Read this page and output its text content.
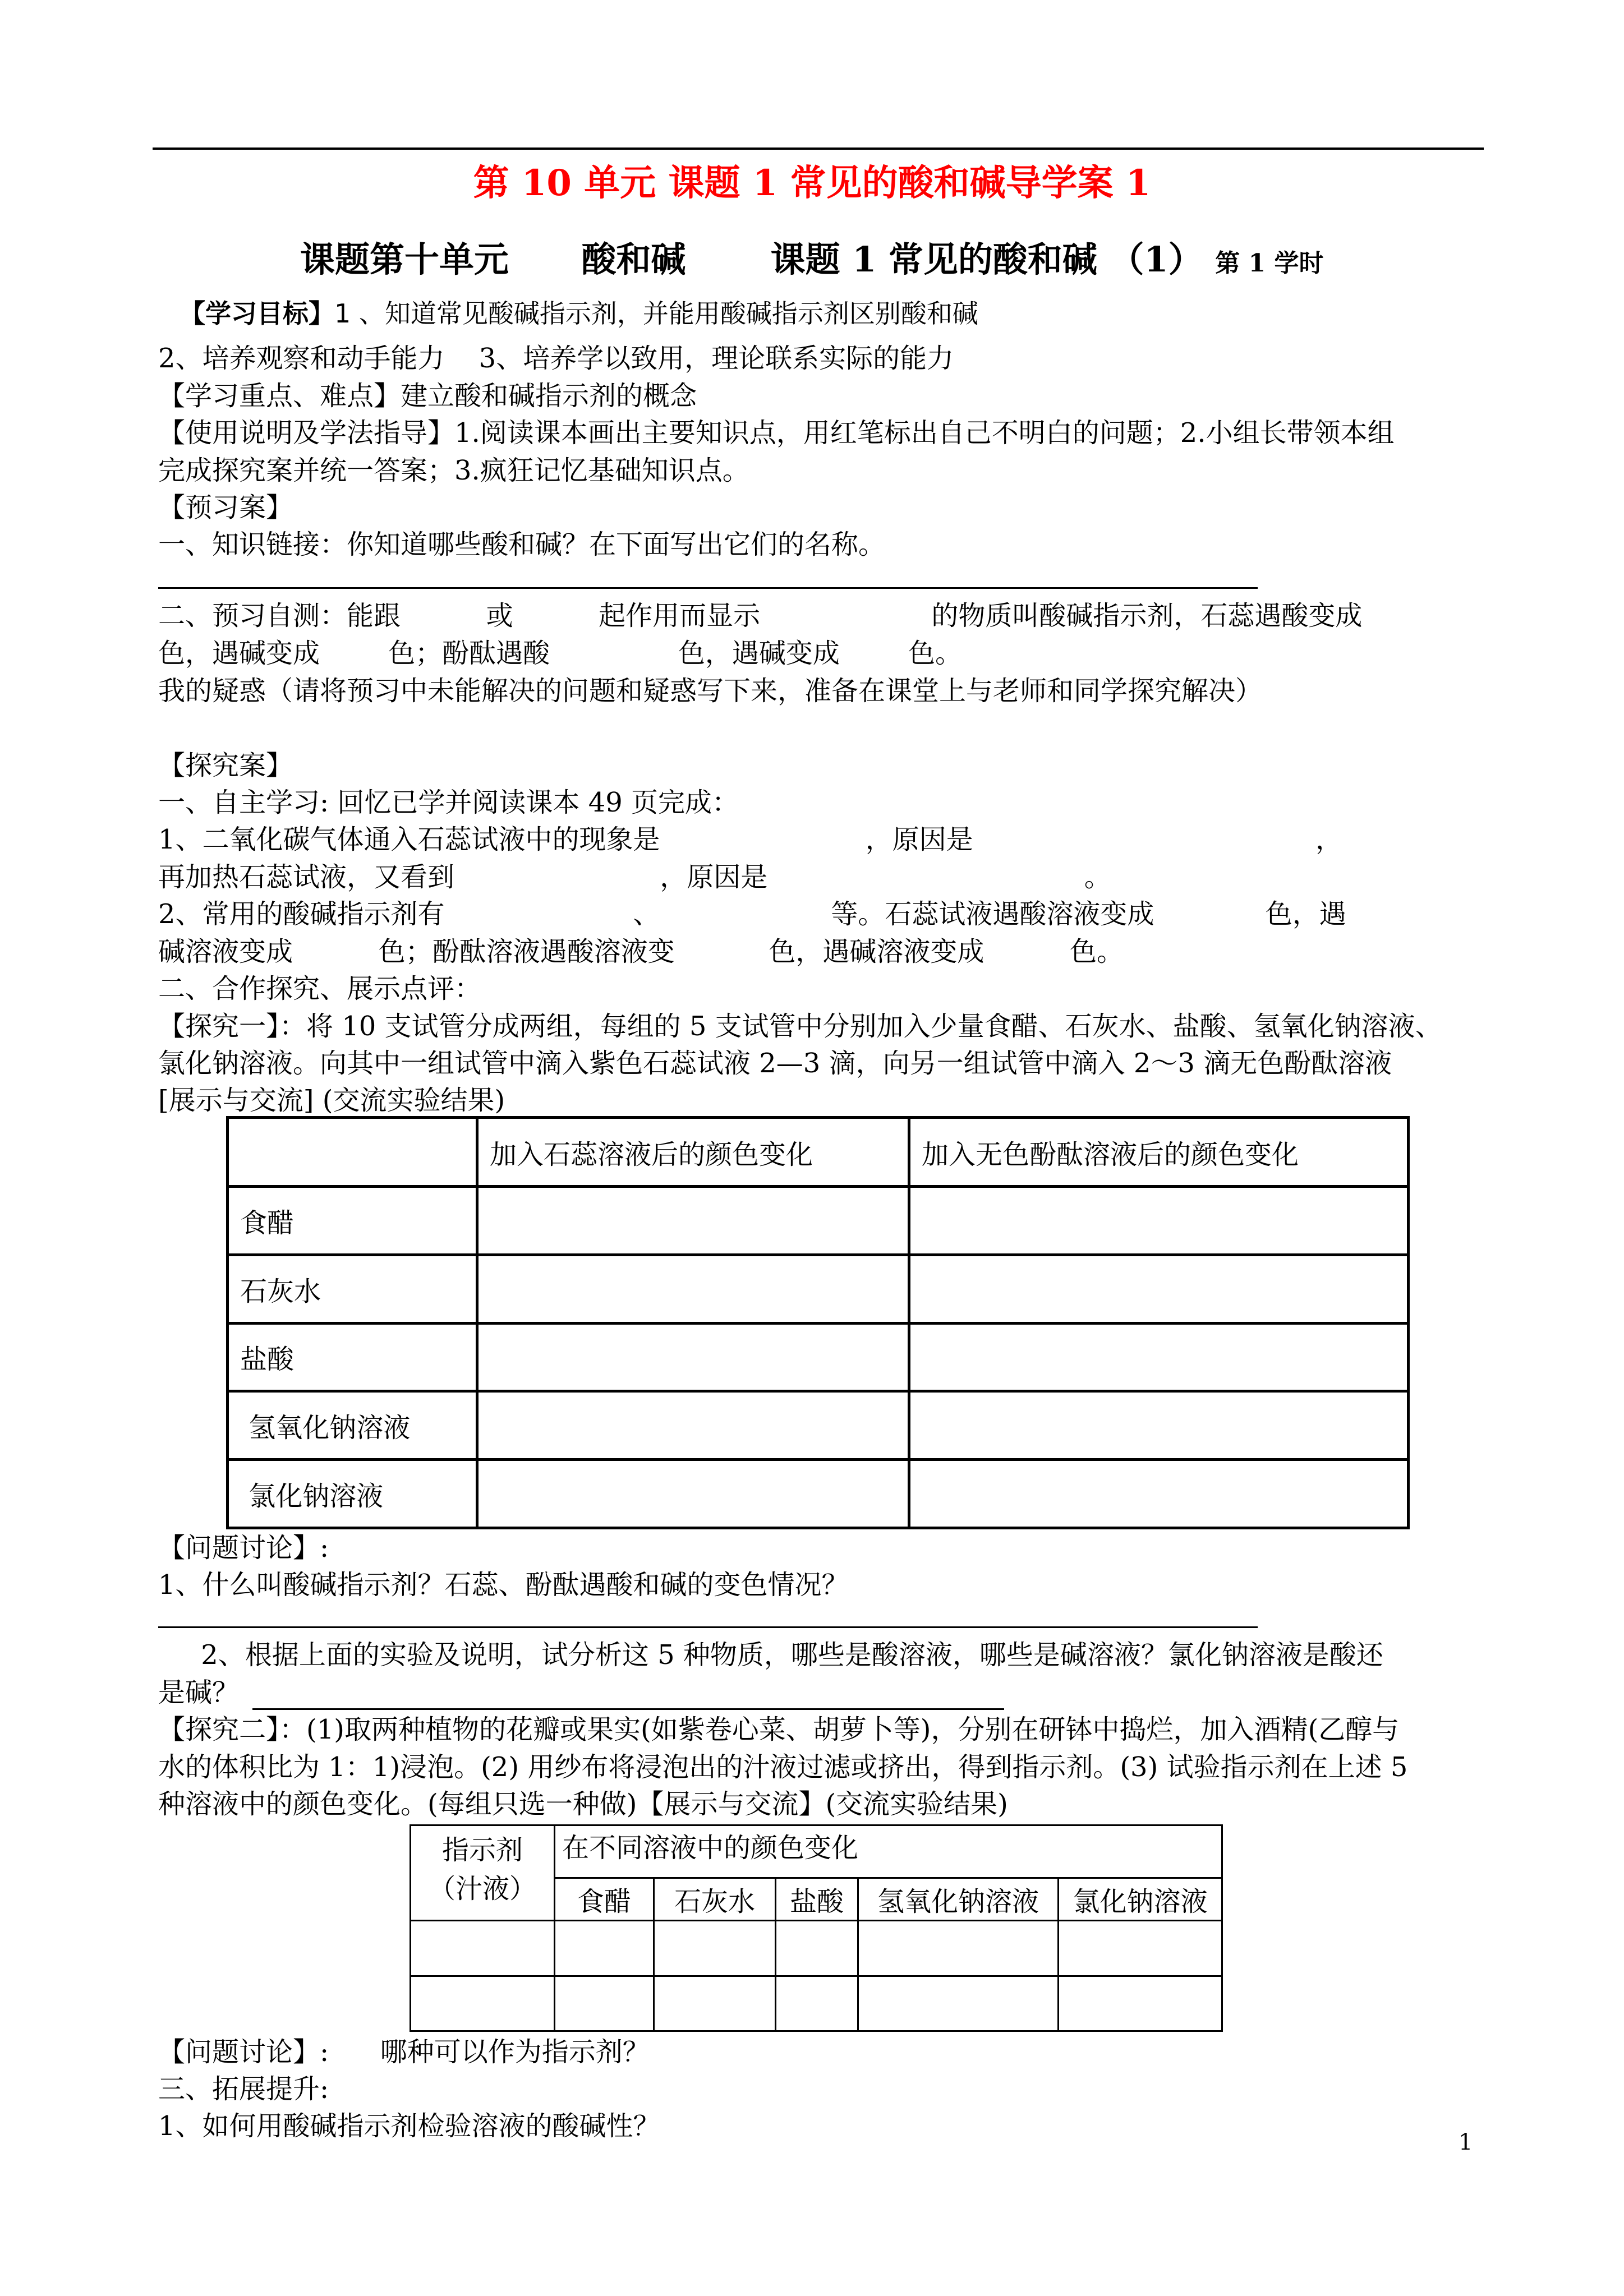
第 10 单元 课题 1 常见的酸和碱导学案 1
课题第十单元      酸和碱       课题 1 常见的酸和碱 （1） 第 1 学时
【学习目标】1 、知道常见酸碱指示剂，并能用酸碱指示剂区别酸和碱
2、培养观察和动手能力    3、培养学以致用，理论联系实际的能力
【学习重点、难点】建立酸和碱指示剂的概念
【使用说明及学法指导】1.阅读课本画出主要知识点，用红笔标出自己不明白的问题；2.小组长带领本组
完成探究案并统一答案；3.疯狂记忆基础知识点。
【预习案】
一、知识链接：你知道哪些酸和碱？在下面写出它们的名称。
二、预习自测：能跟          或          起作用而显示                    的物质叫酸碱指示剂，石蕊遇酸变成
色，遇碱变成        色；酚酞遇酸               色，遇碱变成        色。
我的疑惑（请将预习中未能解决的问题和疑惑写下来，准备在课堂上与老师和同学探究解决）
【探究案】
一、自主学习: 回忆已学并阅读课本 49 页完成：
1、二氧化碳气体通入石蕊试液中的现象是                        ，原因是                                        ，
再加热石蕊试液，又看到                        ，原因是                                     。
2、常用的酸碱指示剂有                      、                    等。石蕊试液遇酸溶液变成             色，遇
碱溶液变成          色；酚酞溶液遇酸溶液变           色，遇碱溶液变成          色。
二、合作探究、展示点评：
【探究一】：将 10 支试管分成两组，每组的 5 支试管中分别加入少量食醋、石灰水、盐酸、氢氧化钠溶液、
氯化钠溶液。向其中一组试管中滴入紫色石蕊试液 2—3 滴，向另一组试管中滴入 2～3 滴无色酚酞溶液
[展示与交流] (交流实验结果)
	加入石蕊溶液后的颜色变化	加入无色酚酞溶液后的颜色变化
食醋		
石灰水		
盐酸		
氢氧化钠溶液		
氯化钠溶液		
【问题讨论】:
1、什么叫酸碱指示剂？石蕊、酚酞遇酸和碱的变色情况？
2、根据上面的实验及说明，试分析这 5 种物质，哪些是酸溶液，哪些是碱溶液？氯化钠溶液是酸还
是碱？
【探究二】：(1)取两种植物的花瓣或果实(如紫卷心菜、胡萝卜等)，分别在研钵中捣烂，加入酒精(乙醇与
水的体积比为 1：1)浸泡。(2) 用纱布将浸泡出的汁液过滤或挤出，得到指示剂。(3) 试验指示剂在上述 5
种溶液中的颜色变化。(每组只选一种做)【展示与交流】(交流实验结果)
指示剂
（汁液）	在不同溶液中的颜色变化				
	食醋	石灰水	盐酸	氢氧化钠溶液	氯化钠溶液

【问题讨论】:      哪种可以作为指示剂？
三、拓展提升:
1、如何用酸碱指示剂检验溶液的酸碱性？
1
